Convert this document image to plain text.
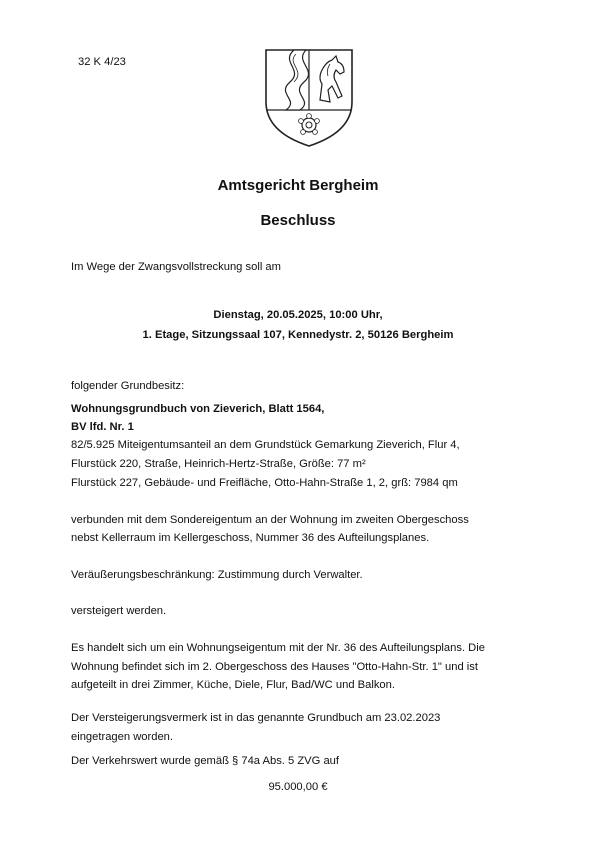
32 K 4/23
Amtsgericht Bergheim
Beschluss
Im Wege der Zwangsvollstreckung soll am
Dienstag, 20.05.2025, 10:00 Uhr,
1. Etage, Sitzungssaal 107, Kennedystr. 2, 50126 Bergheim
folgender Grundbesitz:
Wohnungsgrundbuch von Zieverich, Blatt 1564,
BV lfd. Nr. 1
82/5.925 Miteigentumsanteil an dem Grundstück Gemarkung Zieverich, Flur 4,
Flurstück 220, Straße, Heinrich-Hertz-Straße, Größe: 77 m²
Flurstück 227, Gebäude- und Freifläche, Otto-Hahn-Straße 1, 2, grß: 7984 qm
verbunden mit dem Sondereigentum an der Wohnung im zweiten Obergeschoss
nebst Kellerraum im Kellergeschoss, Nummer 36 des Aufteilungsplanes.
Veräußerungsbeschränkung: Zustimmung durch Verwalter.
versteigert werden.
Es handelt sich um ein Wohnungseigentum mit der Nr. 36 des Aufteilungsplans. Die
Wohnung befindet sich im 2. Obergeschoss des Hauses "Otto-Hahn-Str. 1" und ist
aufgeteilt in drei Zimmer, Küche, Diele, Flur, Bad/WC und Balkon.
Der Versteigerungsvermerk ist in das genannte Grundbuch am 23.02.2023
eingetragen worden.
Der Verkehrswert wurde gemäß § 74a Abs. 5 ZVG auf
95.000,00 €
